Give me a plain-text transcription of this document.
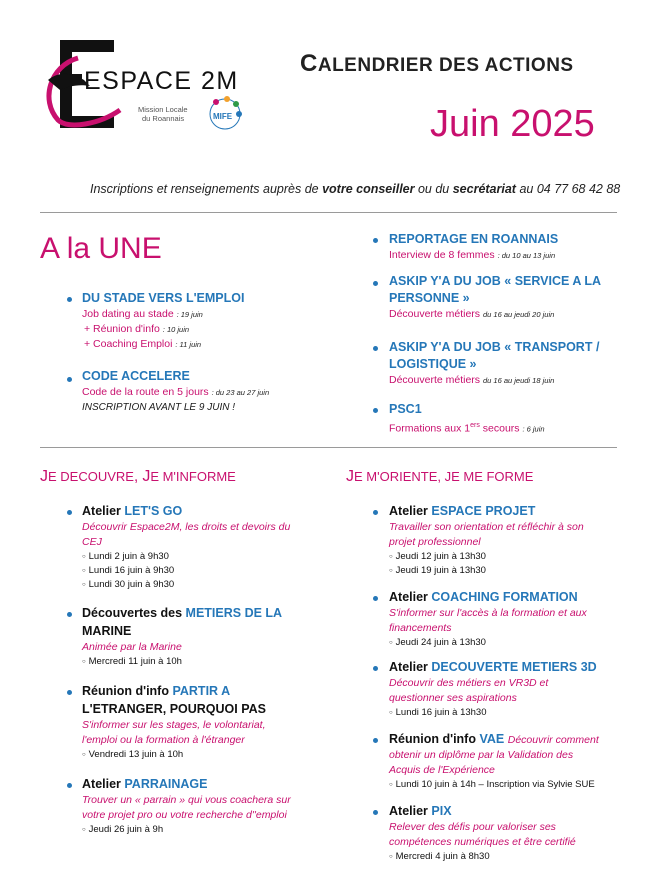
ESPACE 2M
Mission Locale
du Roannais	MIFE
CALENDRIER DES ACTIONS
Juin 2025
Inscriptions et renseignements auprès de votre conseiller ou du secrétariat au 04 77 68 42 88
A la UNE
DU STADE VERS L'EMPLOI
Job dating au stade : 19 juin
+ Réunion d'info : 10 juin
+ Coaching Emploi : 11 juin
CODE ACCELERE
Code de la route en 5 jours : du 23 au 27 juin
INSCRIPTION AVANT LE 9 JUIN !
REPORTAGE EN ROANNAIS
Interview de 8 femmes : du 10 au 13 juin
ASKIP Y'A DU JOB « SERVICE A LA
PERSONNE »
Découverte métiers du 16 au jeudi 20 juin
ASKIP Y'A DU JOB « TRANSPORT /
LOGISTIQUE »
Découverte métiers du 16 au jeudi 18 juin
PSC1
Formations aux 1ers secours : 6 juin
JE DECOUVRE, JE M'INFORME	JE M'ORIENTE, JE ME FORME
Atelier LET'S GO
Découvrir Espace2M, les droits et devoirs du
CEJ
○ Lundi 2 juin à 9h30
○ Lundi 16 juin à 9h30
○ Lundi 30 juin à 9h30
Découvertes des METIERS DE LA
MARINE
Animée par la Marine
○ Mercredi 11 juin à 10h
Réunion d'info PARTIR A
L'ETRANGER, POURQUOI PAS
S'informer sur les stages, le volontariat,
l'emploi ou la formation à l'étranger
○ Vendredi 13 juin à 10h
Atelier PARRAINAGE
Trouver un « parrain » qui vous coachera sur
votre projet pro ou votre recherche d''emploi
○ Jeudi 26 juin à 9h
Atelier ESPACE PROJET
Travailler son orientation et réfléchir à son
projet professionnel
○ Jeudi 12 juin à 13h30
○ Jeudi 19 juin à 13h30
Atelier COACHING FORMATION
S'informer sur l'accès à la formation et aux
financements
○ Jeudi 24 juin à 13h30
Atelier DECOUVERTE METIERS 3D
Découvrir des métiers en VR3D et
questionner ses aspirations
○ Lundi 16 juin à 13h30
Réunion d'info VAE Découvrir comment
obtenir un diplôme par la Validation des
Acquis de l'Expérience
○ Lundi 10 juin à 14h – Inscription via Sylvie SUE
Atelier PIX
Relever des défis pour valoriser ses
compétences numériques et être certifié
○ Mercredi 4 juin à 8h30
